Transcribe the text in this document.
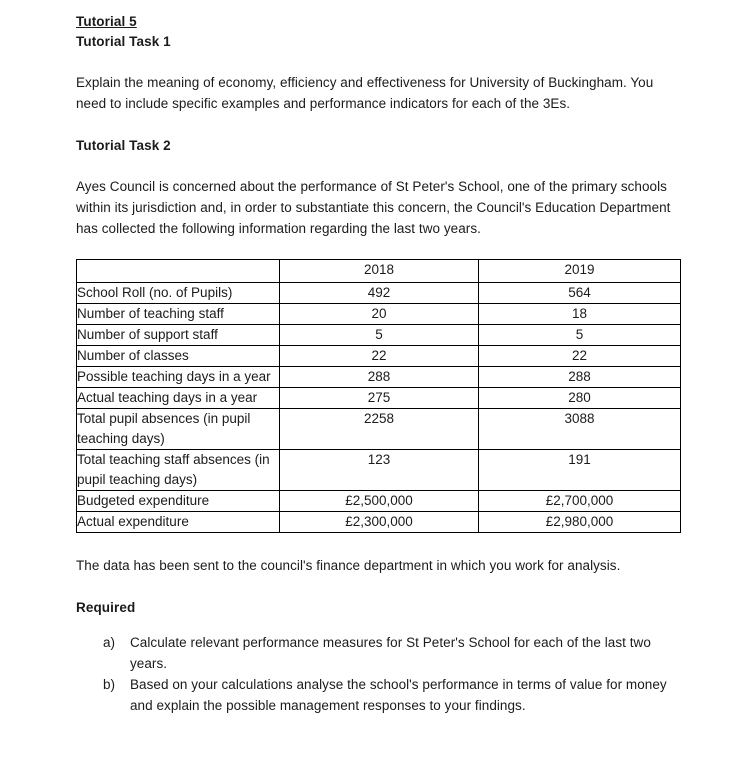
Tutorial 5
Tutorial Task 1
Explain the meaning of economy, efficiency and effectiveness for University of Buckingham. You need to include specific examples and performance indicators for each of the 3Es.
Tutorial Task 2
Ayes Council is concerned about the performance of St Peter's School, one of the primary schools within its jurisdiction and, in order to substantiate this concern, the Council's Education Department has collected the following information regarding the last two years.
	2018	2019
School Roll (no. of Pupils)	492	564
Number of teaching staff	20	18
Number of support staff	5	5
Number of classes	22	22
Possible teaching days in a year	288	288
Actual teaching days in a year	275	280
Total pupil absences (in pupil teaching days)	2258	3088
Total teaching staff absences (in pupil teaching days)	123	191
Budgeted expenditure	£2,500,000	£2,700,000
Actual expenditure	£2,300,000	£2,980,000
The data has been sent to the council's finance department in which you work for analysis.
Required
a)	Calculate relevant performance measures for St Peter's School for each of the last two years.
b)	Based on your calculations analyse the school's performance in terms of value for money and explain the possible management responses to your findings.
